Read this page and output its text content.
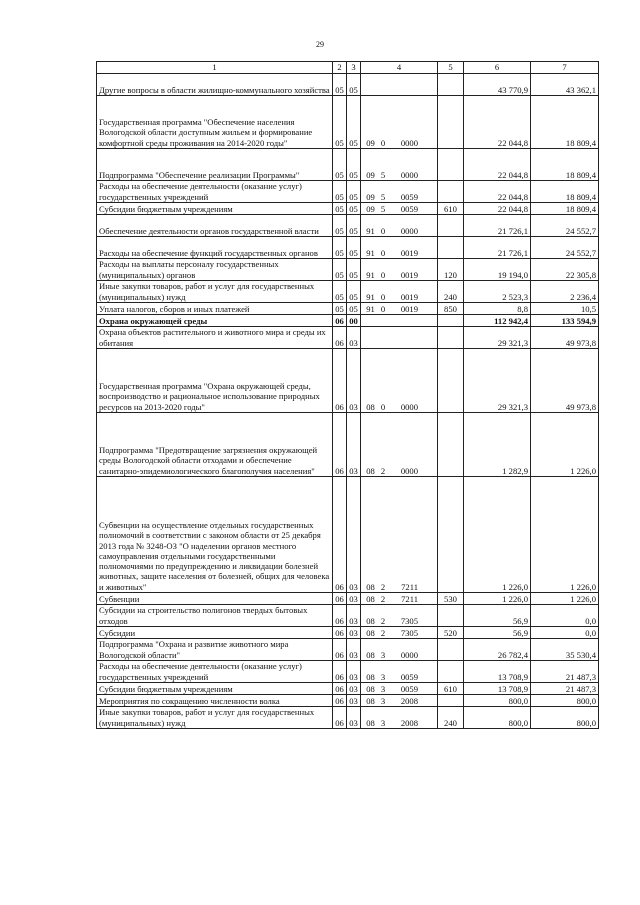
29
1	2	3	4	5	6	7
Другие вопросы в области жилищно-коммунального хозяйства	05	05			43 770,9	43 362,1
Государственная программа "Обеспечение населения Вологодской области доступным жильем и формирование комфортной среды проживания на 2014-2020 годы"	05	05	09 0 0000		22 044,8	18 809,4
Подпрограмма "Обеспечение реализации Программы"	05	05	09 5 0000		22 044,8	18 809,4
Расходы на обеспечение деятельности (оказание услуг) государственных учреждений	05	05	09 5 0059		22 044,8	18 809,4
Субсидии бюджетным учреждениям	05	05	09 5 0059	610	22 044,8	18 809,4
Обеспечение деятельности органов государственной власти	05	05	91 0 0000		21 726,1	24 552,7
Расходы на обеспечение функций государственных органов	05	05	91 0 0019		21 726,1	24 552,7
Расходы на выплаты персоналу государственных (муниципальных) органов	05	05	91 0 0019	120	19 194,0	22 305,8
Иные закупки товаров, работ и услуг для государственных (муниципальных) нужд	05	05	91 0 0019	240	2 523,3	2 236,4
Уплата налогов, сборов и иных платежей	05	05	91 0 0019	850	8,8	10,5
Охрана окружающей среды	06	00			112 942,4	133 594,9
Охрана объектов растительного и животного мира и среды их обитания	06	03			29 321,3	49 973,8
Государственная программа "Охрана окружающей среды, воспроизводство и рациональное использование природных ресурсов на 2013-2020 годы"	06	03	08 0 0000		29 321,3	49 973,8
Подпрограмма "Предотвращение загрязнения окружающей среды Вологодской области отходами и обеспечение санитарно-эпидемиологического благополучия населения"	06	03	08 2 0000		1 282,9	1 226,0
Субвенции на осуществление отдельных государственных полномочий в соответствии с законом области от 25 декабря 2013 года № 3248-ОЗ "О наделении органов местного самоуправления отдельными государственными полномочиями по предупреждению и ликвидации болезней животных, защите населения от болезней, общих для человека и животных"	06	03	08 2 7211		1 226,0	1 226,0
Субвенции	06	03	08 2 7211	530	1 226,0	1 226,0
Субсидии на строительство полигонов твердых бытовых отходов	06	03	08 2 7305		56,9	0,0
Субсидии	06	03	08 2 7305	520	56,9	0,0
Подпрограмма "Охрана и развитие животного мира Вологодской области"	06	03	08 3 0000		26 782,4	35 530,4
Расходы на обеспечение деятельности (оказание услуг) государственных учреждений	06	03	08 3 0059		13 708,9	21 487,3
Субсидии бюджетным учреждениям	06	03	08 3 0059	610	13 708,9	21 487,3
Мероприятия по сокращению численности волка	06	03	08 3 2008		800,0	800,0
Иные закупки товаров, работ и услуг для государственных (муниципальных) нужд	06	03	08 3 2008	240	800,0	800,0
